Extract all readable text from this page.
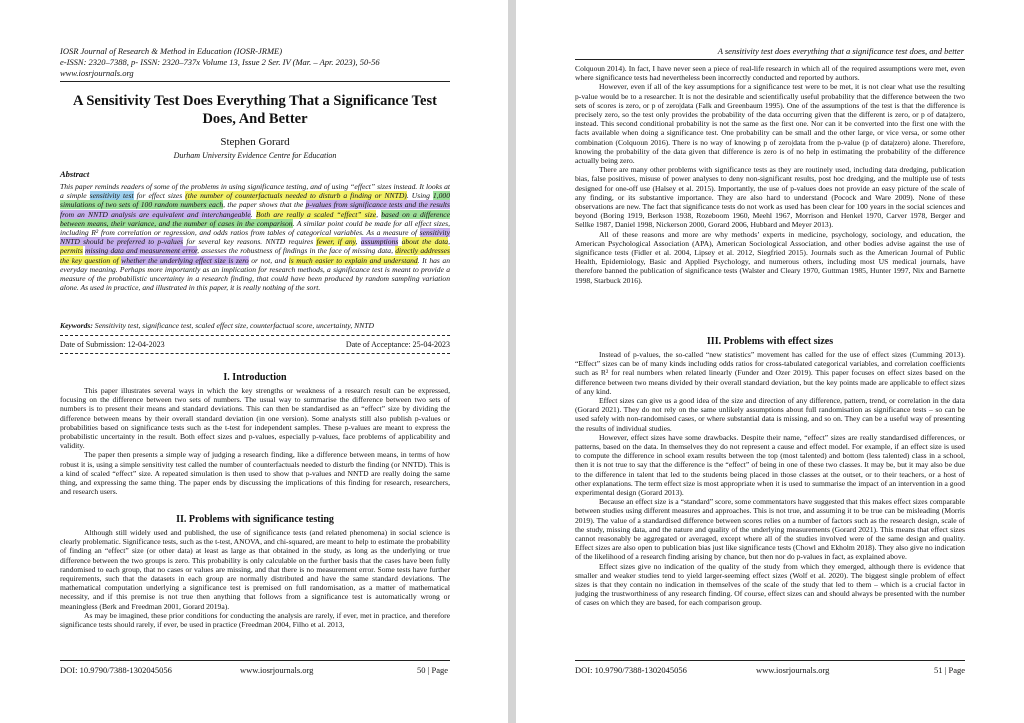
IOSR Journal of Research & Method in Education (IOSR-JRME)
e-ISSN: 2320–7388, p- ISSN: 2320–737x Volume 13, Issue 2 Ser. IV (Mar. – Apr. 2023), 50-56
www.iosrjournals.org
A Sensitivity Test Does Everything That a Significance Test Does, And Better
Stephen Gorard
Durham University Evidence Centre for Education
Abstract
This paper reminds readers of some of the problems in using significance testing, and of using “effect” sizes instead. It looks at a simple sensitivity test for effect sizes (the number of counterfactuals needed to disturb a finding or NNTD). Using 1,000 simulations of two sets of 100 random numbers each, the paper shows that the p-values from significance tests and the results from an NNTD analysis are equivalent and interchangeable. Both are really a scaled “effect” size, based on a difference between means, their variance, and the number of cases in the comparison. A similar point could be made for all effect sizes, including R² from correlation or regression, and odds ratios from tables of categorical variables. As a measure of sensitivity NNTD should be preferred to p-values for several key reasons. NNTD requires fewer, if any, assumptions about the data, permits missing data and measurement error, assesses the robustness of findings in the face of missing data, directly addresses the key question of whether the underlying effect size is zero or not, and is much easier to explain and understand. It has an everyday meaning. Perhaps more importantly as an implication for research methods, a significance test is meant to provide a measure of the probabilistic uncertainty in a research finding, that could have been produced by random sampling variation alone. As used in practice, and illustrated in this paper, it is really nothing of the sort.
Keywords: Sensitivity test, significance test, scaled effect size, counterfactual score, uncertainty, NNTD
Date of Submission: 12-04-2023	Date of Acceptance: 25-04-2023
I. Introduction

This paper illustrates several ways in which the key strengths or weakness of a research result can be expressed, focusing on the difference between two sets of numbers. The usual way to summarise the difference between two sets of numbers is to present their means and standard deviations. This can then be standardised as an “effect” size by dividing the difference between means by their overall standard deviation (in one version). Some analysts still also publish p-values or probabilities based on significance tests such as the t-test for independent samples. These p-values are meant to express the probabilistic uncertainty in the result. Both effect sizes and p-values, especially p-values, face problems of applicability and validity.

The paper then presents a simple way of judging a research finding, like a difference between means, in terms of how robust it is, using a simple sensitivity test called the number of counterfactuals needed to disturb the finding (or NNTD). This is a kind of scaled “effect” size. A repeated simulation is then used to show that p-values and NNTD are really doing the same thing, and expressing the same thing. The paper ends by discussing the implications of this finding for research, researchers, and research users.

II. Problems with significance testing

Although still widely used and published, the use of significance tests (and related phenomena) in social science is clearly problematic. Significance tests, such as the t-test, ANOVA, and chi-squared, are meant to help to estimate the probability of finding an “effect” size (or other data) at least as large as that obtained in the study, as long as the underlying or true difference between the two groups is zero. This probability is only calculable on the further basis that the cases have been fully randomised to each group, that no cases or values are missing, and that there is no measurement error. Some tests have further requirements, such that the datasets in each group are normally distributed and have the same standard deviations. The mathematical computation underlying a significance test is premised on full randomisation, as a matter of mathematical necessity, and if this premise is not true then anything that follows from a significance test is automatically wrong or meaningless (Berk and Freedman 2001, Gorard 2019a).

As may be imagined, these prior conditions for conducting the analysis are rarely, if ever, met in practice, and therefore significance tests should rarely, if ever, be used in practice (Freedman 2004, Filho et al. 2013,

DOI: 10.9790/7388-1302045056	www.iosrjournals.org	50 | Page
A sensitivity test does everything that a significance test does, and better

Colquoun 2014). In fact, I have never seen a piece of real-life research in which all of the required assumptions were met, even where significance tests had nevertheless been incorrectly conducted and reported by authors.

However, even if all of the key assumptions for a significance test were to be met, it is not clear what use the resulting p-value would be to a researcher. It is not the desirable and scientifically useful probability that the difference between the two sets of scores is zero, or p of zero|data (Falk and Greenbaum 1995). One of the assumptions of the test is that the difference is precisely zero, so the test only provides the probability of the data occurring given that the different is zero, or p of data|zero, instead. This second conditional probability is not the same as the first one. Nor can it be converted into the first one with the facts available when doing a significance test. One probability can be small and the other large, or vice versa, or some other combination (Colquoun 2016). There is no way of knowing p of zero|data from the p-value (p of data|zero) alone. Therefore, knowing the probability of the data given that difference is zero is of no help in estimating the probability of the difference actually being zero.

There are many other problems with significance tests as they are routinely used, including data dredging, publication bias, false positives, misuse of power analyses to deny non-significant results, post hoc dredging, and the multiple use of tests designed for one-off use (Halsey et al. 2015). Importantly, the use of p-values does not provide an easy picture of the scale of any finding, or its substantive importance. They are also hard to understand (Pocock and Ware 2009). None of these observations are new. The fact that significance tests do not work as used has been clear for 100 years in the social sciences and beyond (Boring 1919, Berkson 1938, Rozeboom 1960, Meehl 1967, Morrison and Henkel 1970, Carver 1978, Berger and Sellke 1987, Daniel 1998, Nickerson 2000, Gorard 2006, Hubbard and Meyer 2013).

All of these reasons and more are why methods’ experts in medicine, psychology, sociology, and education, the American Psychological Association (APA), American Sociological Association, and other bodies advise against the use of significance tests (Fidler et al. 2004, Lipsey et al. 2012, Siegfried 2015). Journals such as the American Journal of Public Health, Epidemiology, Basic and Applied Psychology, and numerous others, including most US medical journals, have therefore banned the publication of significance tests (Walster and Cleary 1970, Guttman 1985, Hunter 1997, Nix and Barnette 1998, Starbuck 2016).

III. Problems with effect sizes

Instead of p-values, the so-called “new statistics” movement has called for the use of effect sizes (Cumming 2013). “Effect” sizes can be of many kinds including odds ratios for cross-tabulated categorical variables, and correlation coefficients such as R² for real numbers when related linearly (Funder and Ozer 2019). This paper focuses on effect sizes based on the difference between two means divided by their overall standard deviation, but the key points made are applicable to effect sizes of any kind.

Effect sizes can give us a good idea of the size and direction of any difference, pattern, trend, or correlation in the data (Gorard 2021). They do not rely on the same unlikely assumptions about full randomisation as significance tests – so can be used safely with non-randomised cases, or where substantial data is missing, and so on. They can be a useful way of presenting the results of individual studies.

However, effect sizes have some drawbacks. Despite their name, “effect” sizes are really standardised differences, or patterns, based on the data. In themselves they do not represent a cause and effect model. For example, if an effect size is used to compute the difference in school exam results between the top (most talented) and bottom (less talented) class in a school, then it is not true to say that the difference is the “effect” of being in one of these two classes. It may be, but it may also be due to the difference in talent that led to the students being placed in those classes at the outset, or to their teachers, or a host of other explanations. The term effect size is most appropriate when it is used to summarise the impact of an intervention in a good experimental design (Gorard 2013).

Because an effect size is a “standard” score, some commentators have suggested that this makes effect sizes comparable between studies using different measures and approaches. This is not true, and assuming it to be true can be misleading (Morris 2019). The value of a standardised difference between scores relies on a number of factors such as the research design, scale of the study, missing data, and the nature and quality of the underlying measurements (Gorard 2021). This means that effect sizes cannot reasonably be aggregated or averaged, except where all of the studies involved were of the same design and quality. Effect sizes are also open to publication bias just like significance tests (Chowl and Ekholm 2018). They also give no indication of the likelihood of a research finding arising by chance, but then nor do p-values in fact, as explained above.

Effect sizes give no indication of the quality of the study from which they emerged, although there is evidence that smaller and weaker studies tend to yield larger-seeming effect sizes (Wolf et al. 2020). The biggest single problem of effect sizes is that they contain no indication in themselves of the scale of the study that led to them – which is a crucial factor in judging the trustworthiness of any research finding. Of course, effect sizes can and should always be presented with the number of cases on which they are based, for each comparison group.

DOI: 10.9790/7388-1302045056	www.iosrjournals.org	51 | Page
